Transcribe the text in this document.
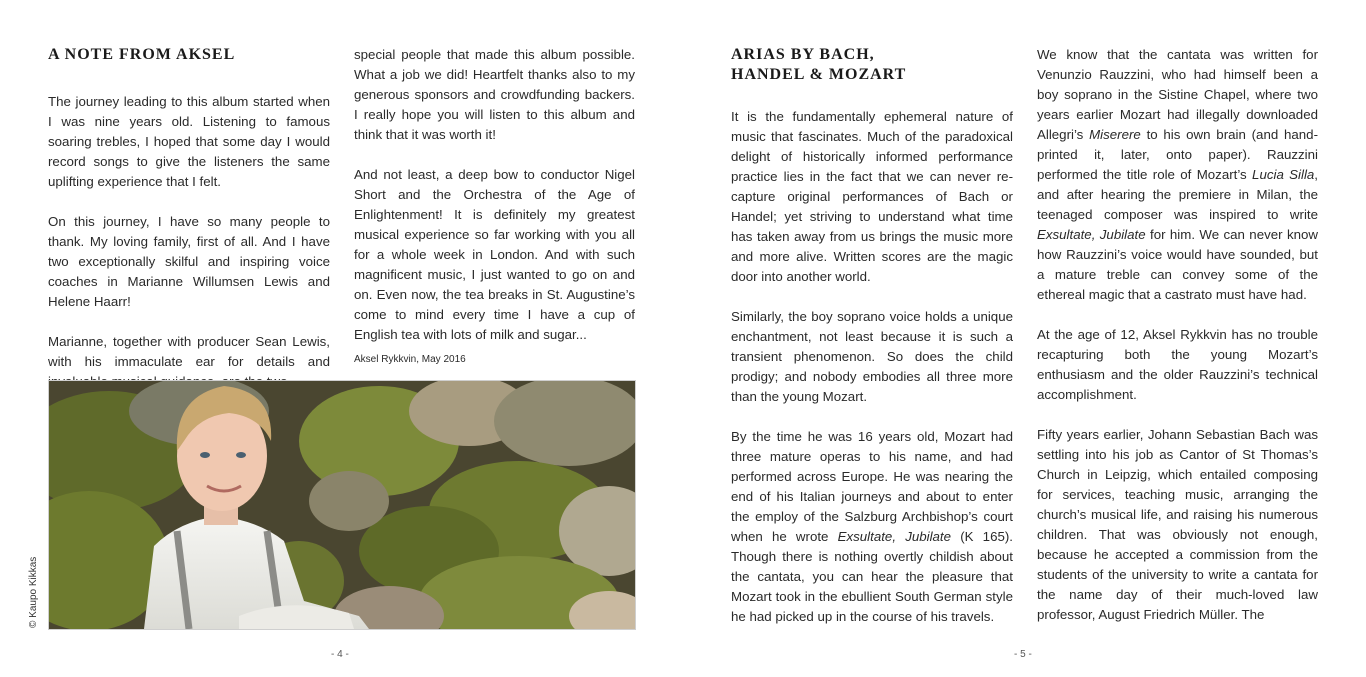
A NOTE FROM AKSEL

The journey leading to this album started when I was nine years old. Listening to famous soaring trebles, I hoped that some day I would record songs to give the listeners the same uplifting experience that I felt.

On this journey, I have so many people to thank. My loving family, first of all. And I have two exceptionally skilful and inspiring voice coaches in Marianne Willumsen Lewis and Helene Haarr!

Marianne, together with producer Sean Lewis, with his immaculate ear for details and

special people that made this album possible. What a job we did! Heartfelt thanks also to my generous sponsors and crowdfunding backers. I really hope you will listen to this album and think that it was worth it!

And not least, a deep bow to conductor Nigel Short and the Orchestra of the Age of Enlightenment! It is definitely my greatest musical experience so far working with you all for a whole week in London. And with such magnificent music, I just wanted to go on and on. Even now, the tea breaks in St. Augustine’s come to mind every time I have a cup of English tea with lots of milk and sugar...

Aksel Rykkvin, May 2016
© Kaupo Kikkas
- 4 -
ARIAS BY BACH,
HANDEL & MOZART

It is the fundamentally ephemeral nature of music that fascinates. Much of the paradoxical delight of historically informed performance practice lies in the fact that we can never re-capture original performances of Bach or Handel; yet striving to understand what time has taken away from us brings the music more and more alive. Written scores are the magic door into another world.

Similarly, the boy soprano voice holds a unique enchantment, not least because it is such a transient phenomenon. So does the child prodigy; and nobody embodies all three more than the young Mozart.

By the time he was 16 years old, Mozart had three mature operas to his name, and had performed across Europe. He was nearing the end of his Italian journeys and about to enter the employ of the Salzburg Archbishop’s court when he wrote Exsultate, Jubilate (K 165). Though there is nothing overtly childish about the cantata, you can hear the pleasure that Mozart took in the ebullient South German style he had picked up in the course of his travels.

We know that the cantata was written for Venunzio Rauzzini, who had himself been a boy soprano in the Sistine Chapel, where two years earlier Mozart had illegally downloaded Allegri’s Miserere to his own brain (and hand-printed it, later, onto paper). Rauzzini performed the title role of Mozart’s Lucia Silla, and after hearing the premiere in Milan, the teenaged composer was inspired to write Exsultate, Jubilate for him. We can never know how Rauzzini’s voice would have sounded, but a mature treble can convey some of the ethereal magic that a castrato must have had.

At the age of 12, Aksel Rykkvin has no trouble recapturing both the young Mozart’s enthusiasm and the older Rauzzini’s technical accomplishment.

Fifty years earlier, Johann Sebastian Bach was settling into his job as Cantor of St Thomas’s Church in Leipzig, which entailed composing for services, teaching music, arranging the church’s musical life, and raising his numerous children. That was obviously not enough, because he accepted a commission from the students of the university to write a cantata for the name day of their much-loved law professor, August Friedrich Müller. The

- 5 -
